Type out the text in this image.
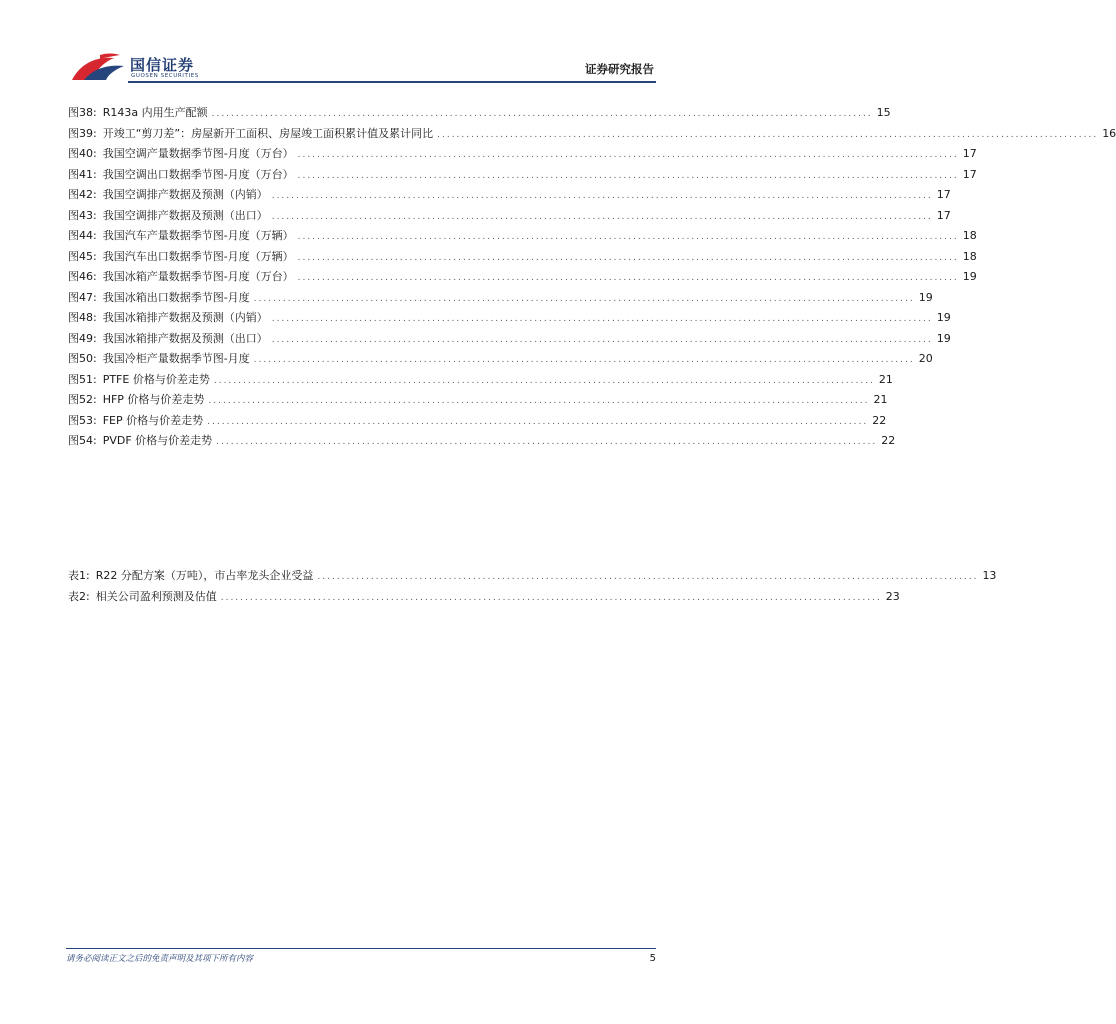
国信证券
GUOSEN SECURITIES	证券研究报告
图38: R143a 内用生产配额 ........................................................................................................................................ 15
图39: 开竣工“剪刀差”：房屋新开工面积、房屋竣工面积累计值及累计同比 ........................................................................................................................................ 16
图40: 我国空调产量数据季节图-月度（万台） ........................................................................................................................................ 17
图41: 我国空调出口数据季节图-月度（万台） ........................................................................................................................................ 17
图42: 我国空调排产数据及预测（内销） ........................................................................................................................................ 17
图43: 我国空调排产数据及预测（出口） ........................................................................................................................................ 17
图44: 我国汽车产量数据季节图-月度（万辆） ........................................................................................................................................ 18
图45: 我国汽车出口数据季节图-月度（万辆） ........................................................................................................................................ 18
图46: 我国冰箱产量数据季节图-月度（万台） ........................................................................................................................................ 19
图47: 我国冰箱出口数据季节图-月度 ........................................................................................................................................ 19
图48: 我国冰箱排产数据及预测（内销） ........................................................................................................................................ 19
图49: 我国冰箱排产数据及预测（出口） ........................................................................................................................................ 19
图50: 我国冷柜产量数据季节图-月度 ........................................................................................................................................ 20
图51: PTFE 价格与价差走势 ........................................................................................................................................ 21
图52: HFP 价格与价差走势 ........................................................................................................................................ 21
图53: FEP 价格与价差走势 ........................................................................................................................................ 22
图54: PVDF 价格与价差走势 ........................................................................................................................................ 22
表1: R22 分配方案（万吨），市占率龙头企业受益 ........................................................................................................................................ 13
表2: 相关公司盈利预测及估值 ........................................................................................................................................ 23
请务必阅读正文之后的免责声明及其项下所有内容	5
